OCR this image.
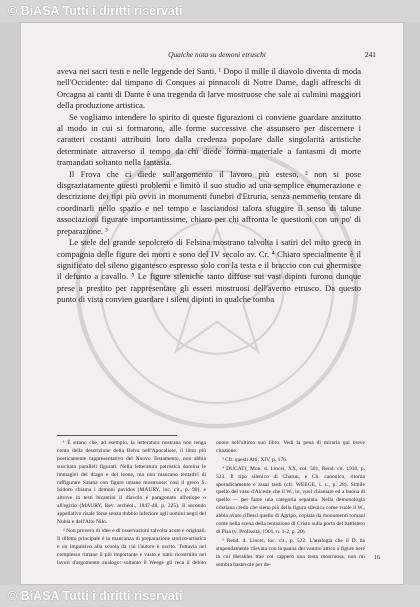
© BiASA Tutti i diritti riservati
Qualche nota su demoni etruschi	241

aveva nei sacri testi e nelle leggende dei Santi. ¹ Dopo il mille il diavolo diventa di moda nell'Occidente: dal timpano di Conques ai pinnacoli di Notre Dame, dagli affreschi di Orcagna ai canti di Dante è una tregenda di larve mostruose che sale ai culmini maggiori della produzione artistica.

Se vogliamo intendere lo spirito di queste figurazioni ci conviene guardare anzitutto al modo in cui si formarono, alle forme successive che assunsero per discernere i caratteri costanti attribuiti loro dalla credenza popolare dalle singolarità artistiche determinate attraverso il tempo da chi diede forma materiale a fantasmi di morte tramandati soltanto nella fantasia.

Il Frova che ci diede sull'argomento il lavoro più esteso, ² non si pose disgraziatamente questi problemi e limitò il suo studio ad una semplice enumerazione e descrizione dei tipi più ovvii in monumenti funebri d'Etruria, senza nemmeno tentare di coordinarli nello spazio e nel tempo e lasciandosi talora sfuggire il senso di talune associazioni figurate importantissime, chiaro per chi affronta le questioni con un po' di preparazione. ³

Le stele del grande sepolcreto di Felsina mostrano talvolta i satiri del mito greco in compagnia delle figure dei morti e sono del IV secolo av. Cr. ⁴ Chiaro specialmente è il significato del sileno gigantesco espresso solo con la testa e il braccio con cui ghermisce il defunto a cavallo. ⁵ Le figure sileniche tanto diffuse sui vasi dipinti furono dunque prese a prestito per rappresentare gli esseri mostruosi dell'averno etrusco. Da questo punto di vista convien guardare i sileni dipinti in qualche tomba

¹ È strano che, ad esempio, la letteratura nostrana non tenga conto della descrizione della Belva nell'Apocalisse, il libro più poeticamente rappresentativo del Nuovo Testamento, non abbia suscitato paralleli figurati. Nella letteratura patristica domina le immagini del drago e del leone, ma non mancano tentativi di raffigurare Satana con figure umane mostruose: così il greco S. Isidoro chiama i demoni pavidos (MAURY, loc. cit., p. 90), e altrove in testi bizantini il diavolo è paragonato all'etiope o all'egizio (MAURY, Rev. archéol., 1847-48, p. 225). Il secondo appellativo risale forse senza dubbio inferiore agli uomini negri del Nubia e dell'Alto Nilo.

² Non provero di idee e di osservazioni talvolta acute e originali. Il difetto principale è la mancanza di preparazione storico-artistica e un impulsivo alla scuola da cui l'autore è uscito. Tuttavia nel complesso rimane il più importante e vasto e tutto ricostruito nei lavori d'argomento analogo: soltanto il Weege gli reca il debito onore nell'ultimo suo libro. Vedi la pena di mirarla qui breve citazione.

³ Cfr. questi Atti, XIV, p. 176.

⁴ DUCATI, Mon. d. Lincei, XX, col. 501, Rend. cit. 1910, p. 523. Il tipo silenico di Charun, e Ch. canonico, ritorna sporadicamente e assai tardi (cfr. WEEGE, l. c., p. 28). Simile quello del vaso d'Alceste che il W., lo, vuol chiamare ed a buona di quello — per fame una categoria separata. Nella demonologia cristiana credo che sieno più della figura silenica come vuole il W., abbia avuto riflessi quello di Agripo, copiata da monumenti romani come nella scena della tentazione di Cristo sulla porta del battistero di Pisa (v. Prolissità, 1901, n. 1-2, p. 20).

⁵ Rend. d. Lincei, loc. cit., p. 522. L'analogia che il D. ha stupendamente rilevata con la panna del vautito attico a figure nere in cui Herakles trae col cappero una testa mostruosa, non mi sembra bastevole per de-

16
© BiASA Tutti i diritti riservati
